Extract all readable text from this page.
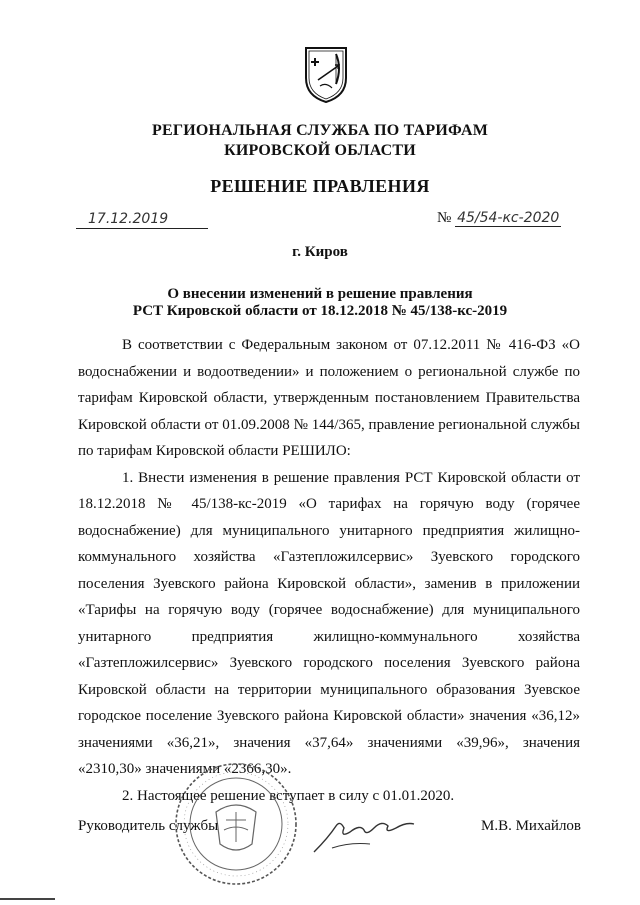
РЕГИОНАЛЬНАЯ СЛУЖБА ПО ТАРИФАМ
КИРОВСКОЙ ОБЛАСТИ
РЕШЕНИЕ ПРАВЛЕНИЯ
17.12.2019	№ 45/54-кс-2020
г. Киров
О внесении изменений в решение правления
РСТ Кировской области от 18.12.2018 № 45/138-кс-2019

В соответствии с Федеральным законом от 07.12.2011 № 416-ФЗ «О водоснабжении и водоотведении» и положением о региональной службе по тарифам Кировской области, утвержденным постановлением Правительства Кировской области от 01.09.2008 № 144/365, правление региональной службы по тарифам Кировской области РЕШИЛО:

1. Внести изменения в решение правления РСТ Кировской области от 18.12.2018 № 45/138-кс-2019 «О тарифах на горячую воду (горячее водоснабжение) для муниципального унитарного предприятия жилищно-коммунального хозяйства «Газтепложилсервис» Зуевского городского поселения Зуевского района Кировской области», заменив в приложении «Тарифы на горячую воду (горячее водоснабжение) для муниципального унитарного предприятия жилищно-коммунального хозяйства «Газтепложилсервис» Зуевского городского поселения Зуевского района Кировской области на территории муниципального образования Зуевское городское поселение Зуевского района Кировской области» значения «36,12» значениями «36,21», значения «37,64» значениями «39,96», значения «2310,30» значениями «2366,30».

2. Настоящее решение вступает в силу с 01.01.2020.

Руководитель службы	М.В. Михайлов
